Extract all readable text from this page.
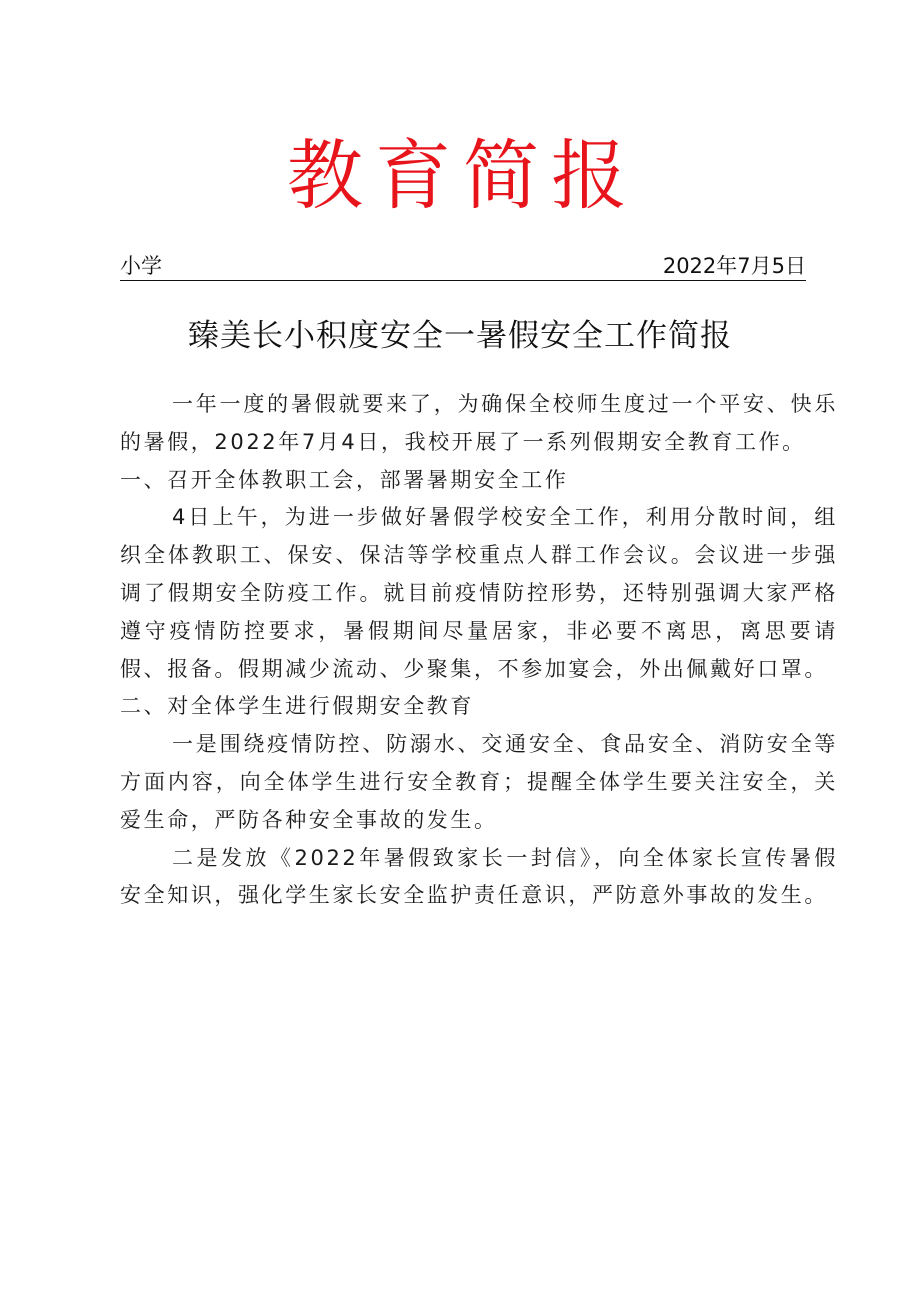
教育简报
小学	2022年7月5日
臻美长小积度安全一暑假安全工作简报

一年一度的暑假就要来了，为确保全校师生度过一个平安、快乐的暑假，2022年7月4日，我校开展了一系列假期安全教育工作。

一、召开全体教职工会，部署暑期安全工作

4日上午，为进一步做好暑假学校安全工作，利用分散时间，组织全体教职工、保安、保洁等学校重点人群工作会议。会议进一步强调了假期安全防疫工作。就目前疫情防控形势，还特别强调大家严格遵守疫情防控要求，暑假期间尽量居家，非必要不离思，离思要请假、报备。假期减少流动、少聚集，不参加宴会，外出佩戴好口罩。

二、对全体学生进行假期安全教育

一是围绕疫情防控、防溺水、交通安全、食品安全、消防安全等方面内容，向全体学生进行安全教育；提醒全体学生要关注安全，关爱生命，严防各种安全事故的发生。

二是发放《2022年暑假致家长一封信》，向全体家长宣传暑假安全知识，强化学生家长安全监护责任意识，严防意外事故的发生。
